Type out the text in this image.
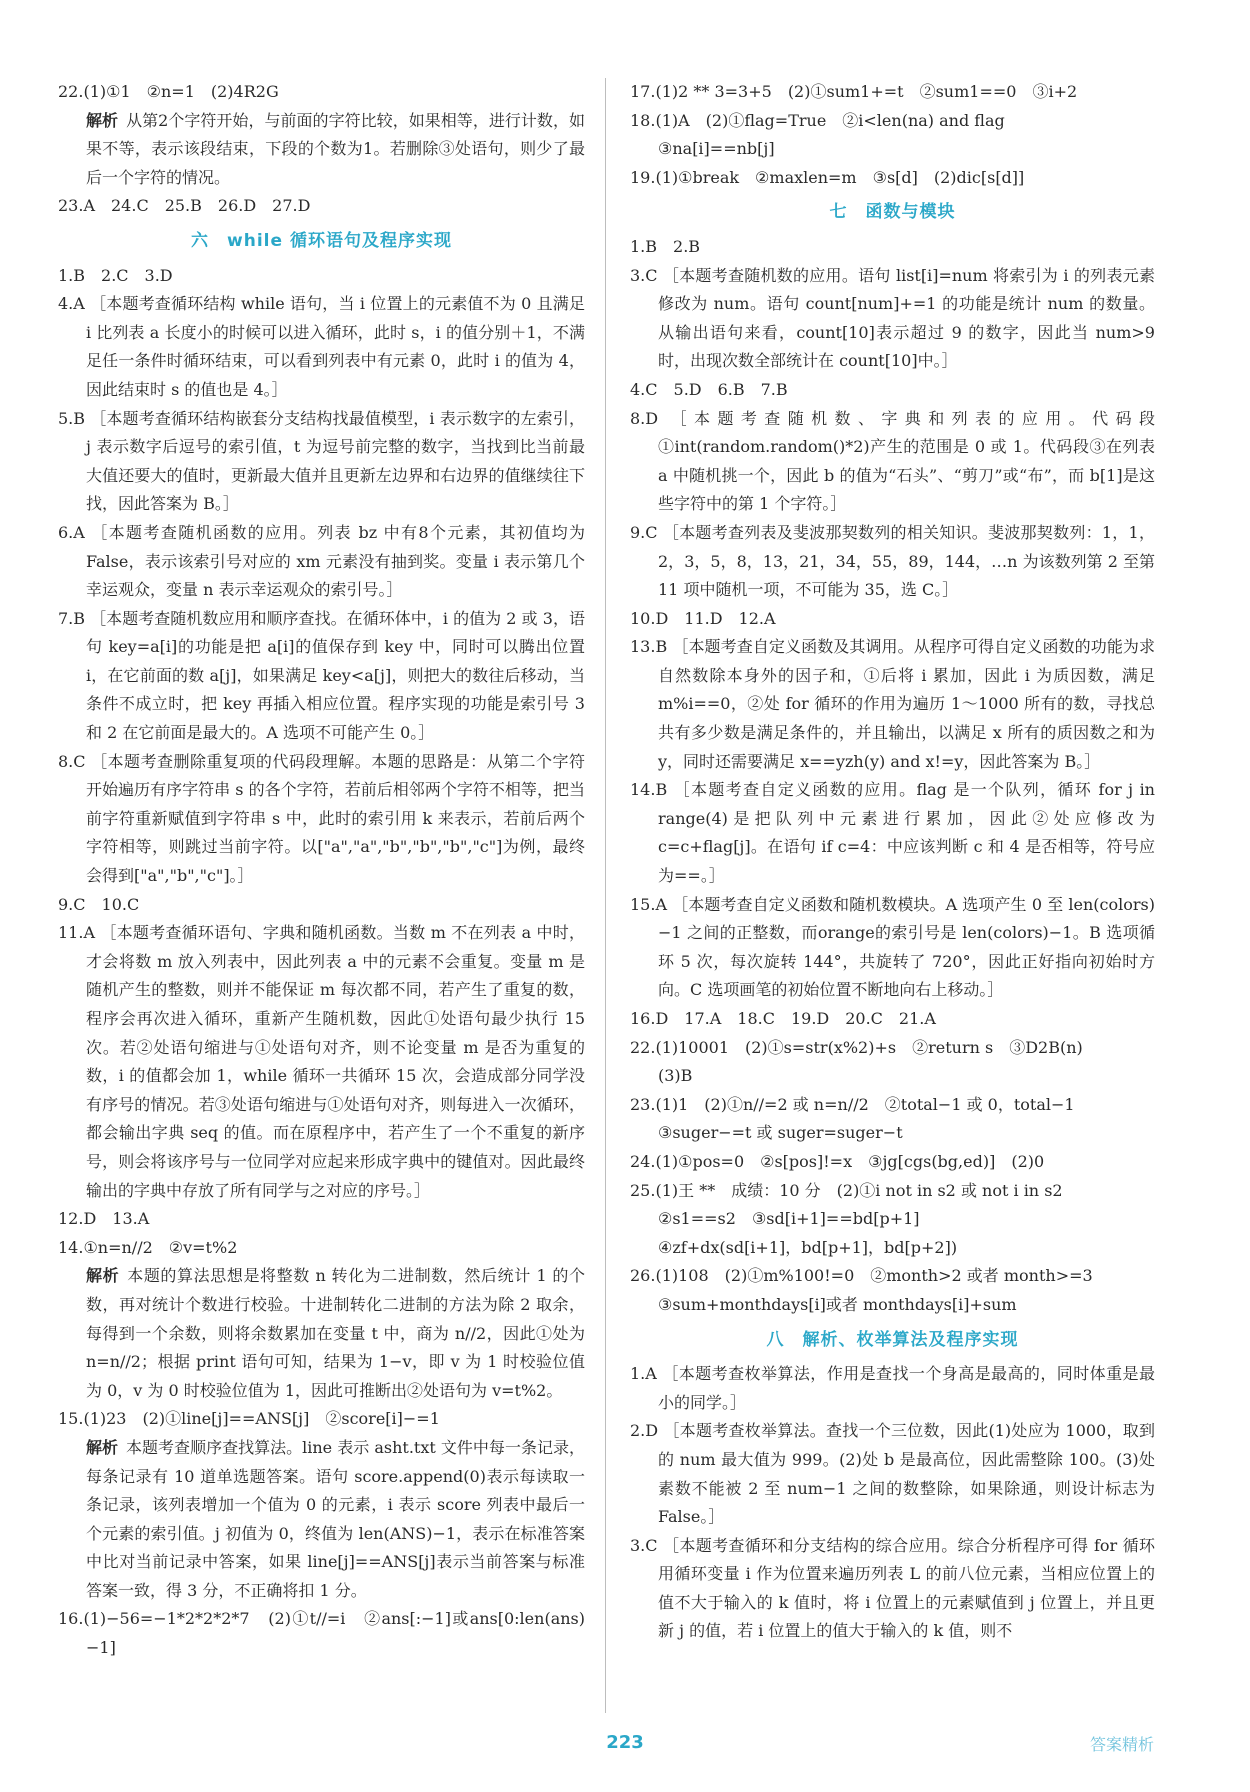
22.(1)①1　②n=1　(2)4R2G

解析 从第2个字符开始，与前面的字符比较，如果相等，进行计数，如果不等，表示该段结束，下段的个数为1。若删除③处语句，则少了最后一个字符的情况。

23.A　24.C　25.B　26.D　27.D

六　while 循环语句及程序实现

1.B　2.C　3.D

4.A ［本题考查循环结构 while 语句，当 i 位置上的元素值不为 0 且满足 i 比列表 a 长度小的时候可以进入循环，此时 s，i 的值分别＋1，不满足任一条件时循环结束，可以看到列表中有元素 0，此时 i 的值为 4，因此结束时 s 的值也是 4。］

5.B ［本题考查循环结构嵌套分支结构找最值模型，i 表示数字的左索引，j 表示数字后逗号的索引值，t 为逗号前完整的数字，当找到比当前最大值还要大的值时，更新最大值并且更新左边界和右边界的值继续往下找，因此答案为 B。］

6.A ［本题考查随机函数的应用。列表 bz 中有8个元素，其初值均为 False，表示该索引号对应的 xm 元素没有抽到奖。变量 i 表示第几个幸运观众，变量 n 表示幸运观众的索引号。］

7.B ［本题考查随机数应用和顺序查找。在循环体中，i 的值为 2 或 3，语句 key=a[i]的功能是把 a[i]的值保存到 key 中，同时可以腾出位置 i，在它前面的数 a[j]，如果满足 key<a[j]，则把大的数往后移动，当条件不成立时，把 key 再插入相应位置。程序实现的功能是索引号 3 和 2 在它前面是最大的。A 选项不可能产生 0。］

8.C ［本题考查删除重复项的代码段理解。本题的思路是：从第二个字符开始遍历有序字符串 s 的各个字符，若前后相邻两个字符不相等，把当前字符重新赋值到字符串 s 中，此时的索引用 k 来表示，若前后两个字符相等，则跳过当前字符。以["a","a","b","b","b","c"]为例，最终会得到["a","b","c"]。］

9.C　10.C

11.A ［本题考查循环语句、字典和随机函数。当数 m 不在列表 a 中时，才会将数 m 放入列表中，因此列表 a 中的元素不会重复。变量 m 是随机产生的整数，则并不能保证 m 每次都不同，若产生了重复的数，程序会再次进入循环，重新产生随机数，因此①处语句最少执行 15 次。若②处语句缩进与①处语句对齐，则不论变量 m 是否为重复的数，i 的值都会加 1，while 循环一共循环 15 次，会造成部分同学没有序号的情况。若③处语句缩进与①处语句对齐，则每进入一次循环，都会输出字典 seq 的值。而在原程序中，若产生了一个不重复的新序号，则会将该序号与一位同学对应起来形成字典中的键值对。因此最终输出的字典中存放了所有同学与之对应的序号。］

12.D　13.A

14.①n=n//2　②v=t%2

解析 本题的算法思想是将整数 n 转化为二进制数，然后统计 1 的个数，再对统计个数进行校验。十进制转化二进制的方法为除 2 取余，每得到一个余数，则将余数累加在变量 t 中，商为 n//2，因此①处为 n=n//2；根据 print 语句可知，结果为 1−v，即 v 为 1 时校验位值为 0，v 为 0 时校验位值为 1，因此可推断出②处语句为 v=t%2。

15.(1)23　(2)①line[j]==ANS[j]　②score[i]−=1

解析 本题考查顺序查找算法。line 表示 asht.txt 文件中每一条记录，每条记录有 10 道单选题答案。语句 score.append(0)表示每读取一条记录，该列表增加一个值为 0 的元素，i 表示 score 列表中最后一个元素的索引值。j 初值为 0，终值为 len(ANS)−1，表示在标准答案中比对当前记录中答案，如果 line[j]==ANS[j]表示当前答案与标准答案一致，得 3 分，不正确将扣 1 分。

16.(1)−56=−1*2*2*2*7　(2)①t//=i　②ans[:−1]或ans[0:len(ans)−1]

17.(1)2 ** 3=3+5　(2)①sum1+=t　②sum1==0　③i+2

18.(1)A　(2)①flag=True　②i<len(na) and flag

③na[i]==nb[j]

19.(1)①break　②maxlen=m　③s[d]　(2)dic[s[d]]

七　函数与模块

1.B　2.B

3.C ［本题考查随机数的应用。语句 list[i]=num 将索引为 i 的列表元素修改为 num。语句 count[num]+=1 的功能是统计 num 的数量。从输出语句来看，count[10]表示超过 9 的数字，因此当 num>9 时，出现次数全部统计在 count[10]中。］

4.C　5.D　6.B　7.B

8.D ［本题考查随机数、字典和列表的应用。代码段①int(random.random()*2)产生的范围是 0 或 1。代码段③在列表 a 中随机挑一个，因此 b 的值为“石头”、“剪刀”或“布”，而 b[1]是这些字符中的第 1 个字符。］

9.C ［本题考查列表及斐波那契数列的相关知识。斐波那契数列：1，1，2，3，5，8，13，21，34，55，89，144，…n 为该数列第 2 至第 11 项中随机一项，不可能为 35，选 C。］

10.D　11.D　12.A

13.B ［本题考查自定义函数及其调用。从程序可得自定义函数的功能为求自然数除本身外的因子和，①后将 i 累加，因此 i 为质因数，满足 m%i==0，②处 for 循环的作用为遍历 1～1000 所有的数，寻找总共有多少数是满足条件的，并且输出，以满足 x 所有的质因数之和为 y，同时还需要满足 x==yzh(y) and x!=y，因此答案为 B。］

14.B ［本题考查自定义函数的应用。flag 是一个队列，循环 for j in range(4)是把队列中元素进行累加，因此②处应修改为 c=c+flag[j]。在语句 if c=4：中应该判断 c 和 4 是否相等，符号应为==。］

15.A ［本题考查自定义函数和随机数模块。A 选项产生 0 至 len(colors)−1 之间的正整数，而orange的索引号是 len(colors)−1。B 选项循环 5 次，每次旋转 144°，共旋转了 720°，因此正好指向初始时方向。C 选项画笔的初始位置不断地向右上移动。］

16.D　17.A　18.C　19.D　20.C　21.A

22.(1)10001　(2)①s=str(x%2)+s　②return s　③D2B(n)

(3)B

23.(1)1　(2)①n//=2 或 n=n//2　②total−1 或 0，total−1

③suger−=t 或 suger=suger−t

24.(1)①pos=0　②s[pos]!=x　③jg[cgs(bg,ed)]　(2)0

25.(1)王 **　成绩：10 分　(2)①i not in s2 或 not i in s2

②s1==s2　③sd[i+1]==bd[p+1]

④zf+dx(sd[i+1]，bd[p+1]，bd[p+2])

26.(1)108　(2)①m%100!=0　②month>2 或者 month>=3

③sum+monthdays[i]或者 monthdays[i]+sum

八　解析、枚举算法及程序实现

1.A ［本题考查枚举算法，作用是查找一个身高是最高的，同时体重是最小的同学。］

2.D ［本题考查枚举算法。查找一个三位数，因此(1)处应为 1000，取到的 num 最大值为 999。(2)处 b 是最高位，因此需整除 100。(3)处素数不能被 2 至 num−1 之间的数整除，如果除通，则设计标志为 False。］

3.C ［本题考查循环和分支结构的综合应用。综合分析程序可得 for 循环用循环变量 i 作为位置来遍历列表 L 的前八位元素，当相应位置上的值不大于输入的 k 值时，将 i 位置上的元素赋值到 j 位置上，并且更新 j 的值，若 i 位置上的值大于输入的 k 值，则不

223	答案精析
